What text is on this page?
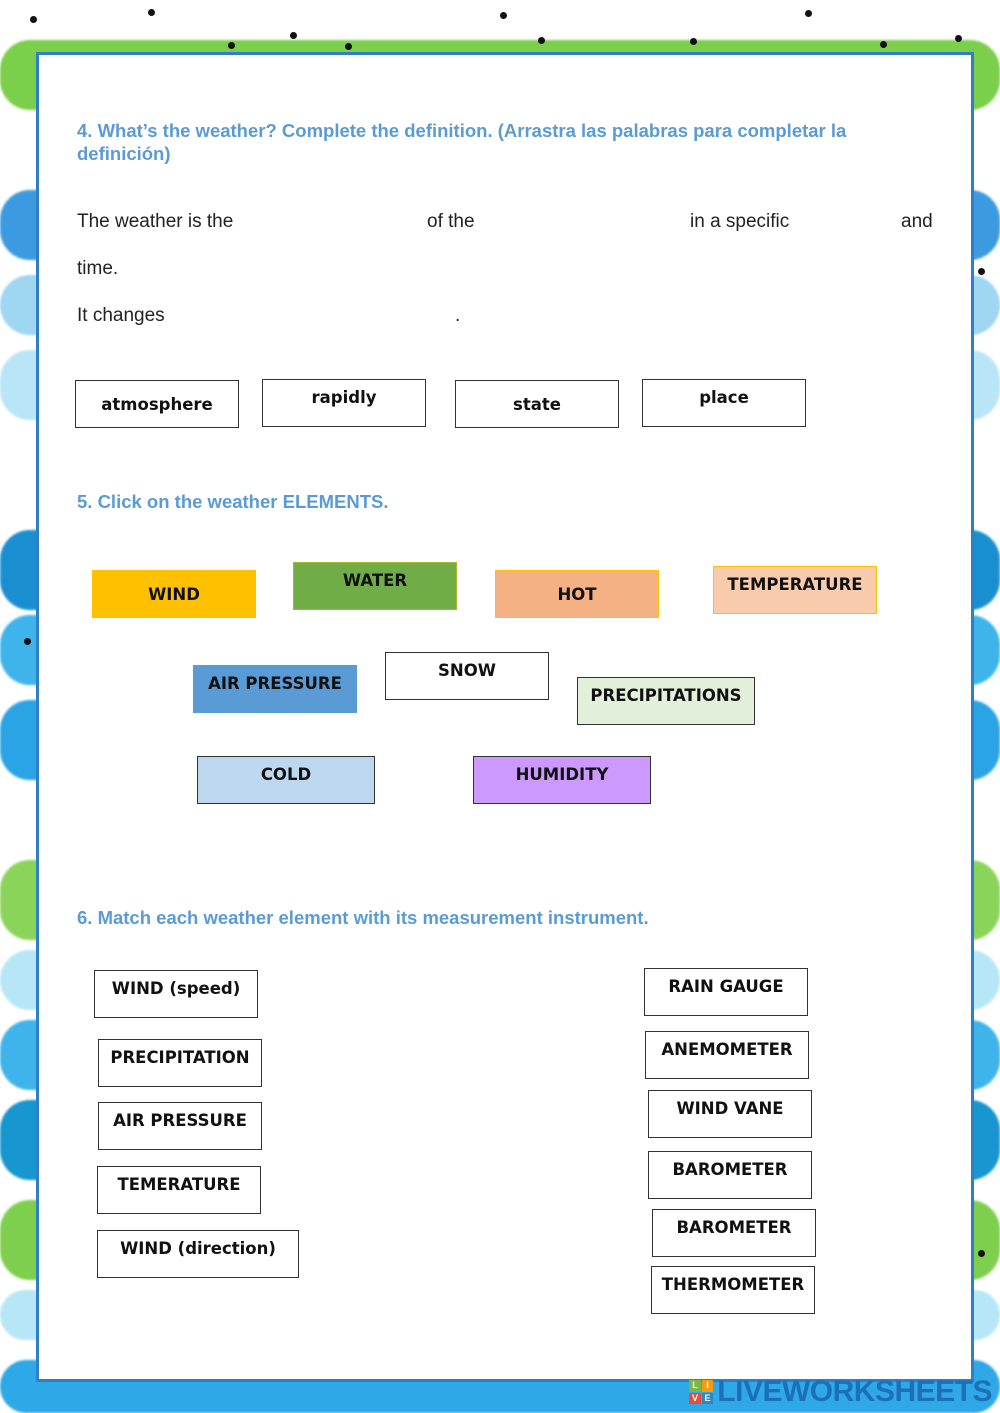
4. What’s the weather? Complete the definition. (Arrastra las palabras para completar la definición)

The weather is the	of the	in a specific	and
time.
It changes	.
atmosphere	rapidly	state	place

5. Click on the weather ELEMENTS.

WIND
WATER
HOT	TEMPERATURE
AIR PRESSURE
SNOW
PRECIPITATIONS
COLD	HUMIDITY

6. Match each weather element with its measurement instrument.

WIND (speed)
PRECIPITATION
AIR PRESSURE
TEMERATURE
WIND (direction)
RAIN GAUGE
ANEMOMETER
WIND VANE
BAROMETER
BAROMETER
THERMOMETER
L I
V E LIVEWORKSHEETS
